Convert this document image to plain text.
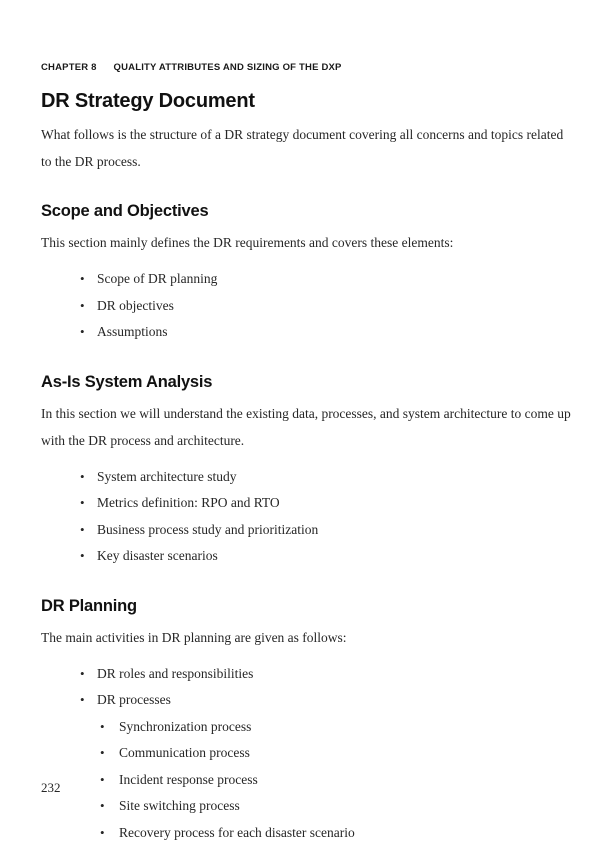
CHAPTER 8 QUALITY ATTRIBUTES AND SIZING OF THE DXP
DR Strategy Document

What follows is the structure of a DR strategy document covering all concerns and topics related to the DR process.

Scope and Objectives

This section mainly defines the DR requirements and covers these elements:

• Scope of DR planning
• DR objectives
• Assumptions
As-Is System Analysis

In this section we will understand the existing data, processes, and system architecture to come up with the DR process and architecture.

• System architecture study
• Metrics definition: RPO and RTO
• Business process study and prioritization
• Key disaster scenarios
DR Planning

The main activities in DR planning are given as follows:

• DR roles and responsibilities
• DR processes
• Synchronization process
• Communication process
• Incident response process
• Site switching process
• Recovery process for each disaster scenario
232
